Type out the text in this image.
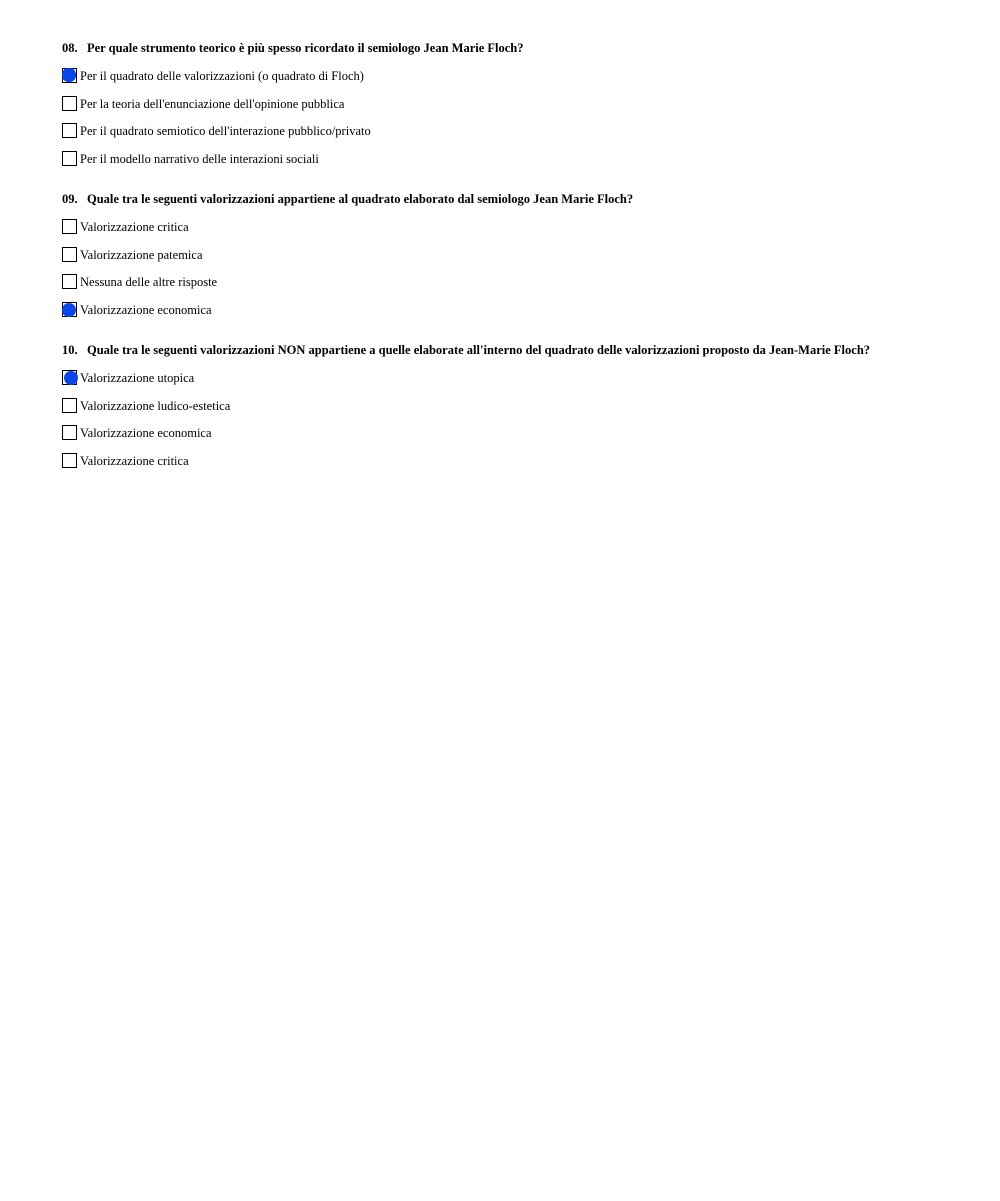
08. Per quale strumento teorico è più spesso ricordato il semiologo Jean Marie Floch?
Per il quadrato delle valorizzazioni (o quadrato di Floch)
Per la teoria dell'enunciazione dell'opinione pubblica
Per il quadrato semiotico dell'interazione pubblico/privato
Per il modello narrativo delle interazioni sociali
09. Quale tra le seguenti valorizzazioni appartiene al quadrato elaborato dal semiologo Jean Marie Floch?
Valorizzazione critica
Valorizzazione patemica
Nessuna delle altre risposte
Valorizzazione economica
10. Quale tra le seguenti valorizzazioni NON appartiene a quelle elaborate all'interno del quadrato delle valorizzazioni proposto da Jean-Marie Floch?
Valorizzazione utopica
Valorizzazione ludico-estetica
Valorizzazione economica
Valorizzazione critica
